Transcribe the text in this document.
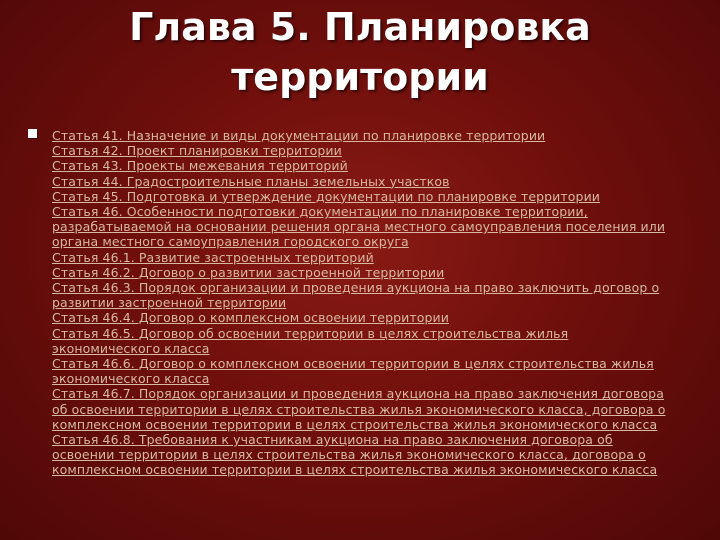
Глава 5. Планировка
территории
Статья 41. Назначение и виды документации по планировке территории
Статья 42. Проект планировки территории
Статья 43. Проекты межевания территорий
Статья 44. Градостроительные планы земельных участков
Статья 45. Подготовка и утверждение документации по планировке территории
Статья 46. Особенности подготовки документации по планировке территории, разрабатываемой на основании решения органа местного самоуправления поселения или органа местного самоуправления городского округа
Статья 46.1. Развитие застроенных территорий
Статья 46.2. Договор о развитии застроенной территории
Статья 46.3. Порядок организации и проведения аукциона на право заключить договор о развитии застроенной территории
Статья 46.4. Договор о комплексном освоении территории
Статья 46.5. Договор об освоении территории в целях строительства жилья экономического класса
Статья 46.6. Договор о комплексном освоении территории в целях строительства жилья экономического класса
Статья 46.7. Порядок организации и проведения аукциона на право заключения договора об освоении территории в целях строительства жилья экономического класса, договора о комплексном освоении территории в целях строительства жилья экономического класса
Статья 46.8. Требования к участникам аукциона на право заключения договора об освоении территории в целях строительства жилья экономического класса, договора о комплексном освоении территории в целях строительства жилья экономического класса
